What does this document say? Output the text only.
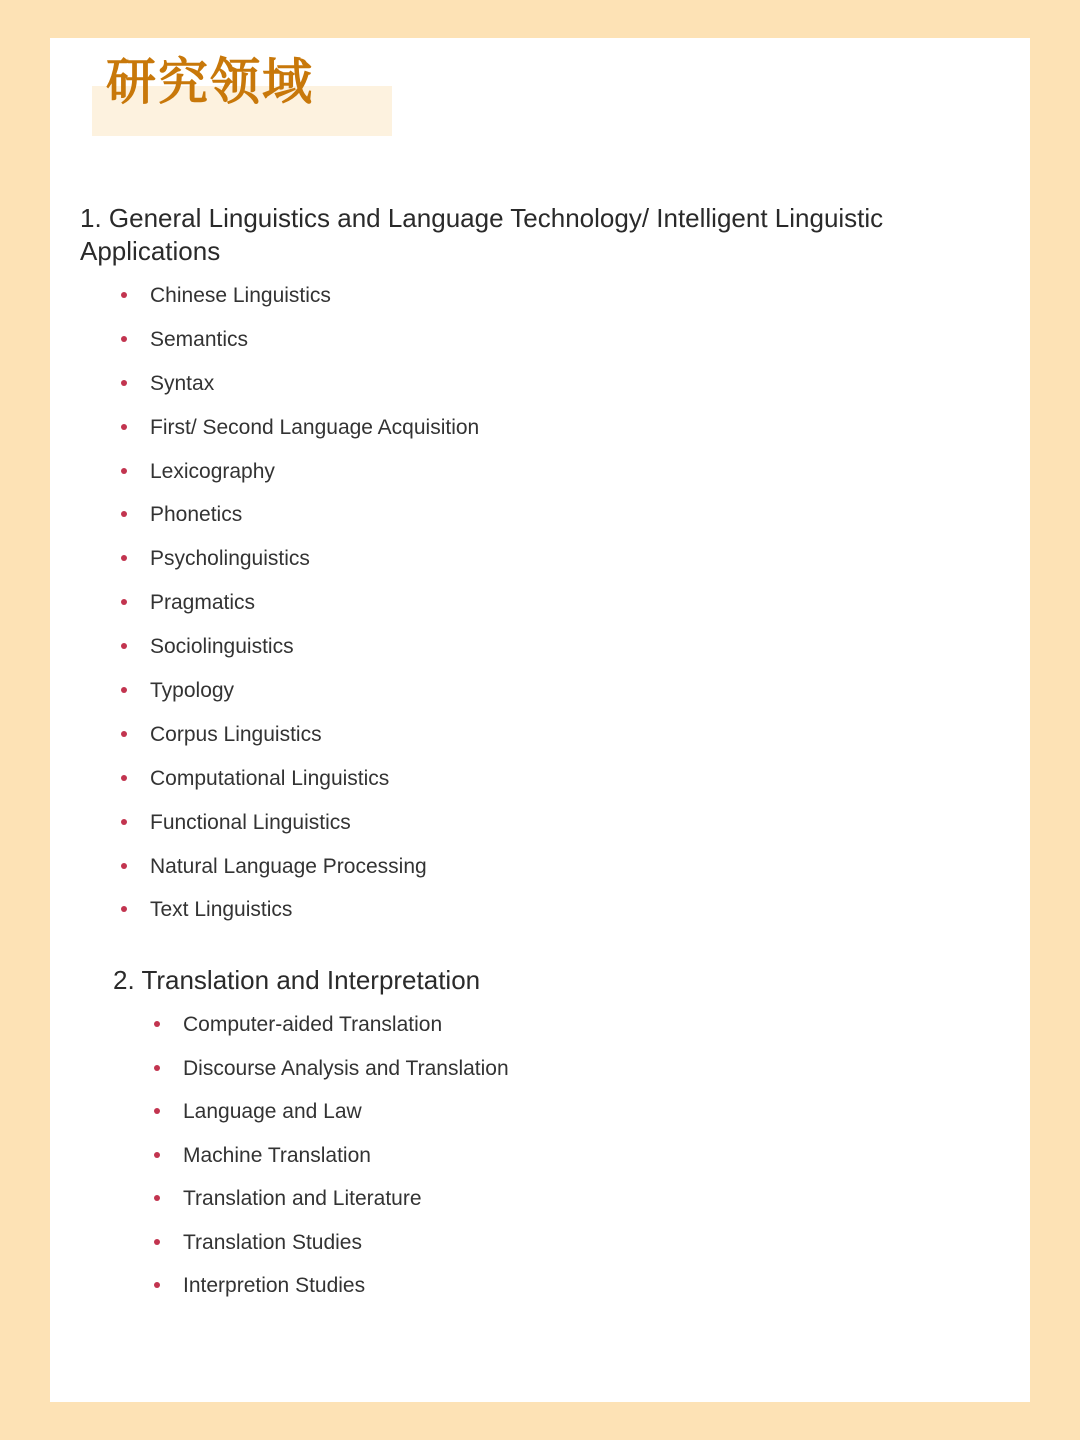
研究领域
1. General Linguistics and Language Technology/ Intelligent Linguistic Applications
Chinese Linguistics
Semantics
Syntax
First/ Second Language Acquisition
Lexicography
Phonetics
Psycholinguistics
Pragmatics
Sociolinguistics
Typology
Corpus Linguistics
Computational Linguistics
Functional Linguistics
Natural Language Processing
Text Linguistics
2. Translation and Interpretation
Computer-aided Translation
Discourse Analysis and Translation
Language and Law
Machine Translation
Translation and Literature
Translation Studies
Interpretion Studies
